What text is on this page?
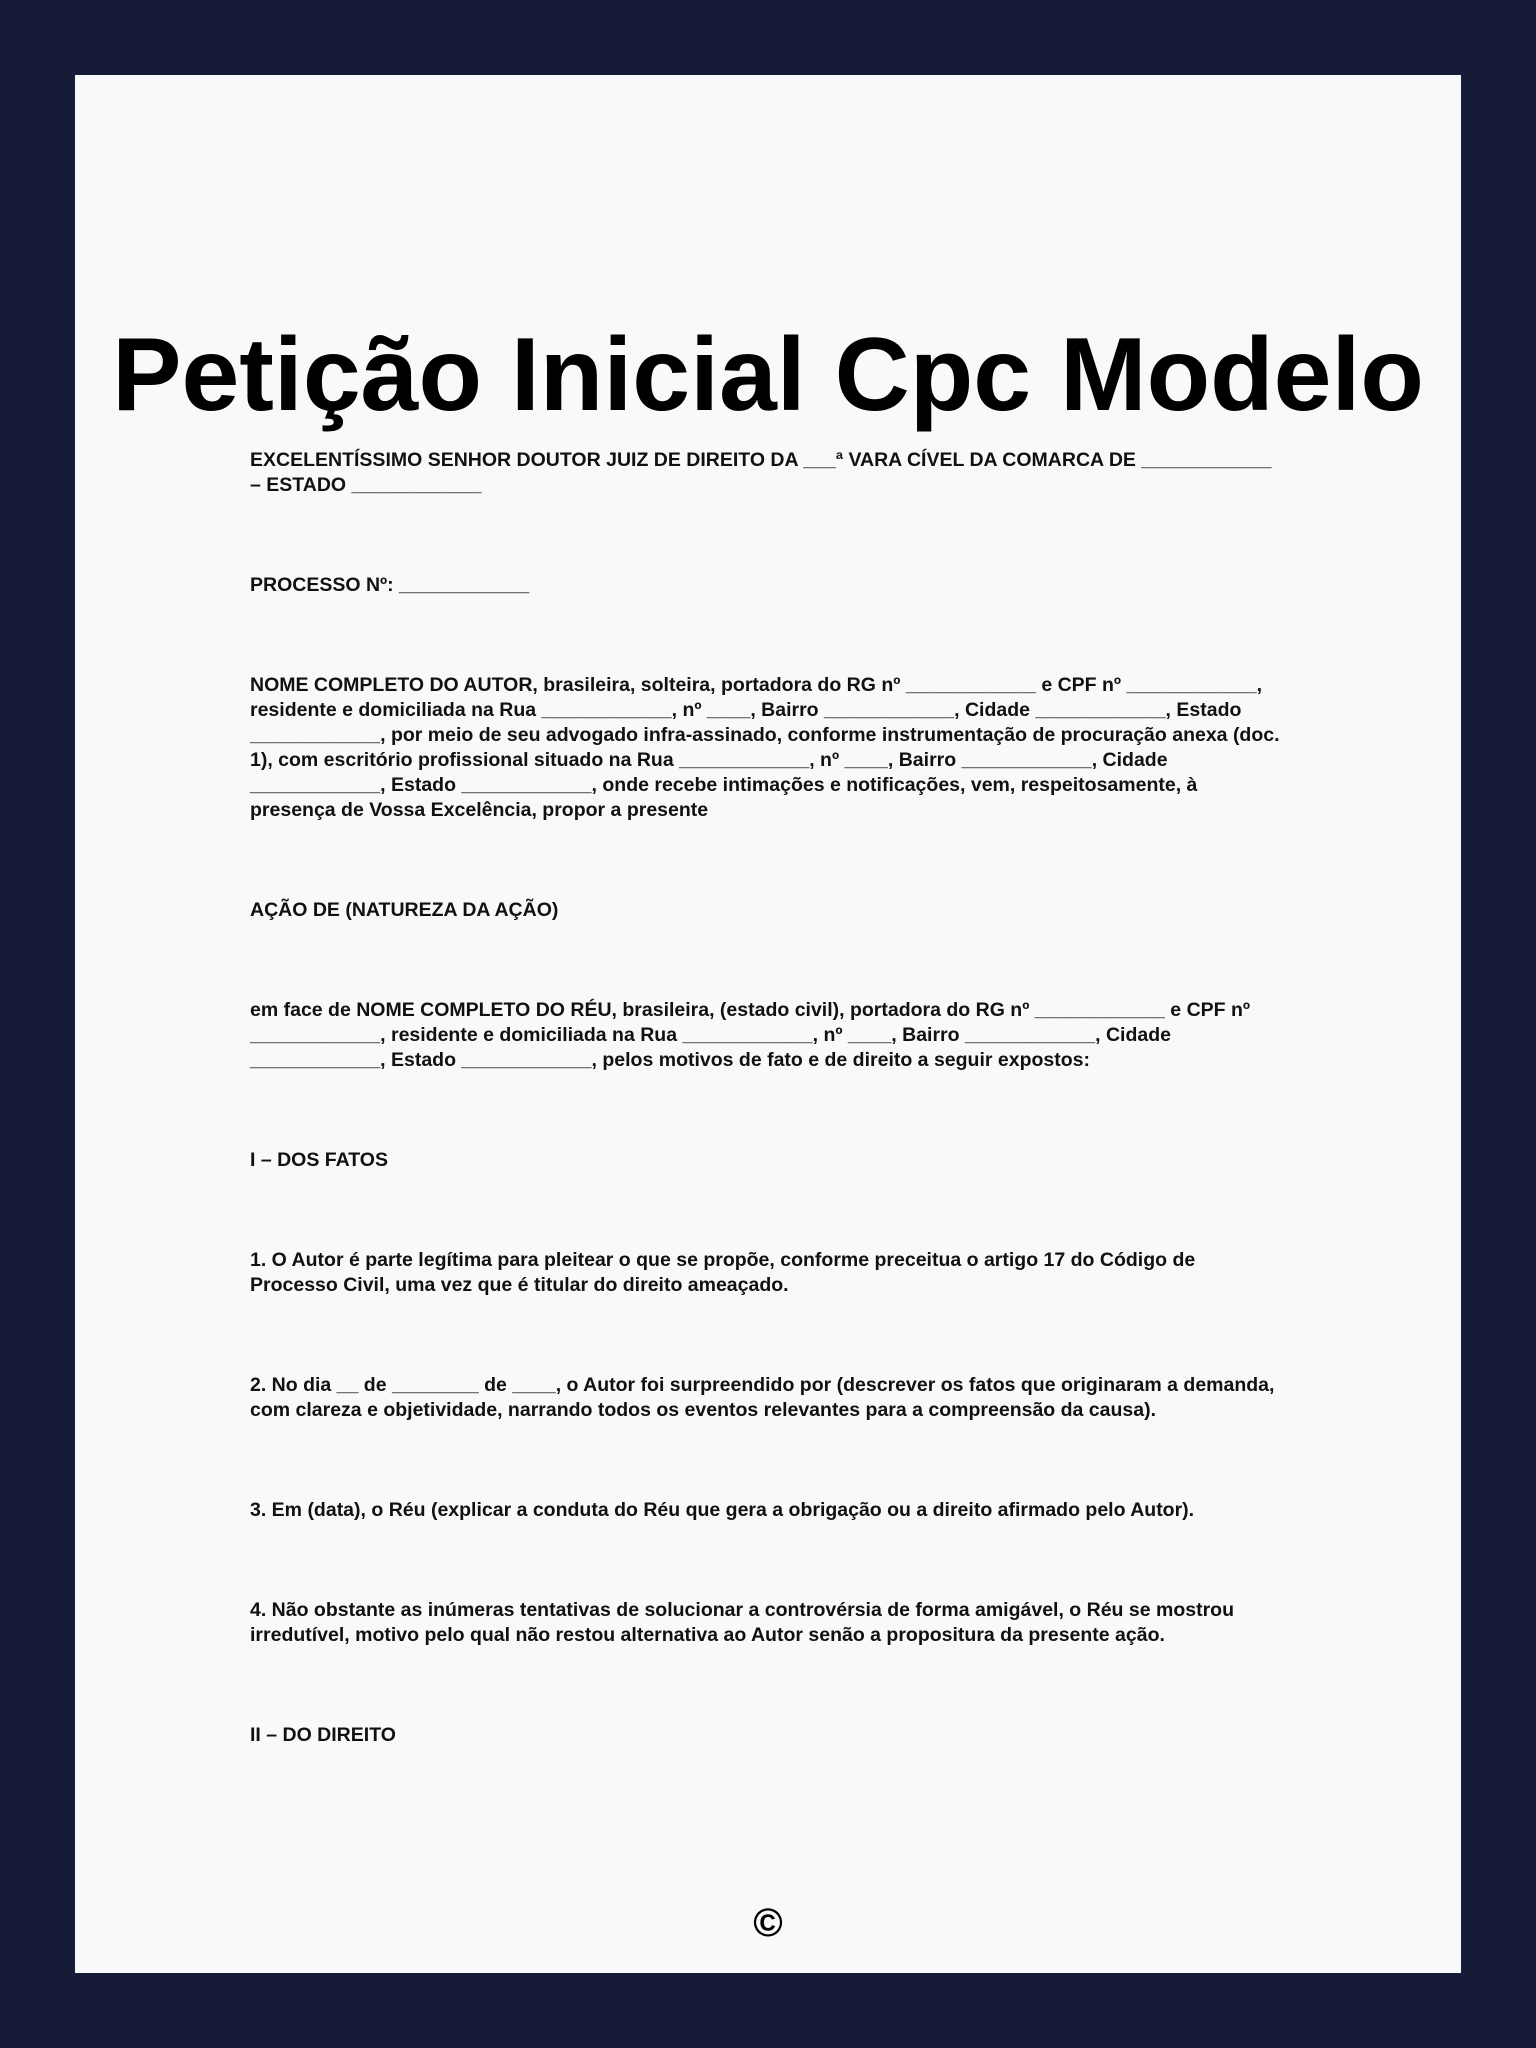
Petição Inicial Cpc Modelo

EXCELENTÍSSIMO SENHOR DOUTOR JUIZ DE DIREITO DA ___ª VARA CÍVEL DA COMARCA DE ____________ – ESTADO ____________

PROCESSO Nº: ____________

NOME COMPLETO DO AUTOR, brasileira, solteira, portadora do RG nº ____________ e CPF nº ____________, residente e domiciliada na Rua ____________, nº ____, Bairro ____________, Cidade ____________, Estado ____________, por meio de seu advogado infra-assinado, conforme instrumentação de procuração anexa (doc. 1), com escritório profissional situado na Rua ____________, nº ____, Bairro ____________, Cidade ____________, Estado ____________, onde recebe intimações e notificações, vem, respeitosamente, à presença de Vossa Excelência, propor a presente

AÇÃO DE (NATUREZA DA AÇÃO)

em face de NOME COMPLETO DO RÉU, brasileira, (estado civil), portadora do RG nº ____________ e CPF nº ____________, residente e domiciliada na Rua ____________, nº ____, Bairro ____________, Cidade ____________, Estado ____________, pelos motivos de fato e de direito a seguir expostos:

I – DOS FATOS

1. O Autor é parte legítima para pleitear o que se propõe, conforme preceitua o artigo 17 do Código de Processo Civil, uma vez que é titular do direito ameaçado.

2. No dia __ de ________ de ____, o Autor foi surpreendido por (descrever os fatos que originaram a demanda, com clareza e objetividade, narrando todos os eventos relevantes para a compreensão da causa).

3. Em (data), o Réu (explicar a conduta do Réu que gera a obrigação ou a direito afirmado pelo Autor).

4. Não obstante as inúmeras tentativas de solucionar a controvérsia de forma amigável, o Réu se mostrou irredutível, motivo pelo qual não restou alternativa ao Autor senão a propositura da presente ação.

II – DO DIREITO

©
